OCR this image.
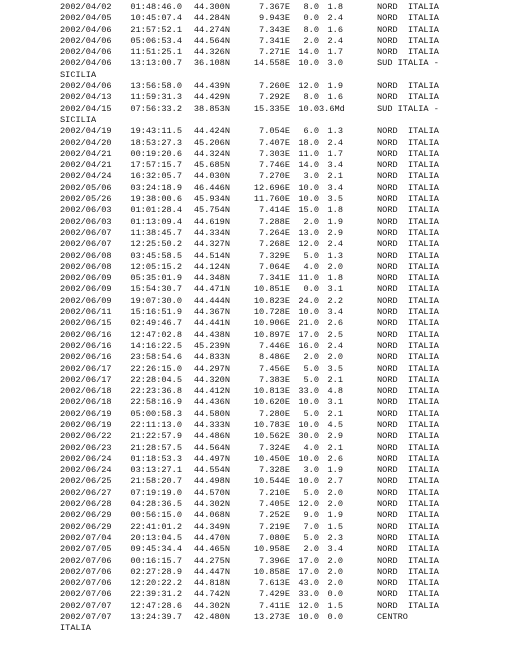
2002/04/02	01:48:46.0	44.300N	7.367E	8.0 1.8	NORD  ITALIA
2002/04/05	10:45:07.4	44.284N	9.943E	0.0 2.4	NORD  ITALIA
2002/04/06	21:57:52.1	44.274N	7.343E	8.0 1.6	NORD  ITALIA
2002/04/06	05:06:53.4	44.564N	7.341E	2.0 2.4	NORD  ITALIA
2002/04/06	11:51:25.1	44.326N	7.271E 14.0 1.7	NORD  ITALIA
2002/04/06	13:13:00.7	36.108N	14.558E 10.0 3.0	SUD ITALIA -
SICILIA
2002/04/06	13:56:58.0	44.439N	7.260E 12.0 1.9	NORD  ITALIA
2002/04/13	11:59:31.3	44.429N	7.292E	8.0 1.6	NORD  ITALIA
2002/04/15	07:56:33.2	38.853N	15.335E 10.0 3.6Md	SUD ITALIA -
SICILIA
2002/04/19	19:43:11.5	44.424N	7.054E	6.0 1.3	NORD  ITALIA
2002/04/20	18:53:27.3	45.206N	7.407E 18.0 2.4	NORD  ITALIA
2002/04/21	00:19:20.6	44.324N	7.303E 11.0 1.7	NORD  ITALIA
2002/04/21	17:57:15.7	45.685N	7.746E 14.0 3.4	NORD  ITALIA
2002/04/24	16:32:05.7	44.030N	7.270E	3.0 2.1	NORD  ITALIA
2002/05/06	03:24:18.9	46.446N	12.696E 10.0 3.4	NORD  ITALIA
2002/05/26	19:38:00.6	45.934N	11.760E 10.0 3.5	NORD  ITALIA
2002/06/03	01:01:28.4	45.754N	7.414E 15.0 1.8	NORD  ITALIA
2002/06/03	01:13:09.4	44.619N	7.288E	2.0 1.9	NORD  ITALIA
2002/06/07	11:38:45.7	44.334N	7.264E 13.0 2.9	NORD  ITALIA
2002/06/07	12:25:50.2	44.327N	7.268E 12.0 2.4	NORD  ITALIA
2002/06/08	03:45:58.5	44.514N	7.329E	5.0 1.3	NORD  ITALIA
2002/06/08	12:05:15.2	44.124N	7.064E	4.0 2.0	NORD  ITALIA
2002/06/09	05:35:01.9	44.348N	7.341E 11.0 1.8	NORD  ITALIA
2002/06/09	15:54:30.7	44.471N	10.851E	0.0 3.1	NORD  ITALIA
2002/06/09	19:07:30.0	44.444N	10.823E 24.0 2.2	NORD  ITALIA
2002/06/11	15:16:51.9	44.367N	10.728E 10.0 3.4	NORD  ITALIA
2002/06/15	02:49:46.7	44.441N	10.906E 21.0 2.6	NORD  ITALIA
2002/06/16	12:47:02.8	44.438N	10.897E 17.0 2.5	NORD  ITALIA
2002/06/16	14:16:22.5	45.239N	7.446E 16.0 2.4	NORD  ITALIA
2002/06/16	23:58:54.6	44.833N	8.486E	2.0 2.0	NORD  ITALIA
2002/06/17	22:26:15.0	44.297N	7.456E	5.0 3.5	NORD  ITALIA
2002/06/17	22:28:04.5	44.320N	7.383E	5.0 2.1	NORD  ITALIA
2002/06/18	22:23:36.8	44.412N	10.813E 33.0 4.8	NORD  ITALIA
2002/06/18	22:58:16.9	44.436N	10.620E 10.0 3.1	NORD  ITALIA
2002/06/19	05:00:58.3	44.580N	7.280E	5.0 2.1	NORD  ITALIA
2002/06/19	22:11:13.0	44.333N	10.783E 10.0 4.5	NORD  ITALIA
2002/06/22	21:22:57.9	44.486N	10.562E 30.0 2.9	NORD  ITALIA
2002/06/23	21:28:57.5	44.564N	7.324E	4.0 2.1	NORD  ITALIA
2002/06/24	01:18:53.3	44.497N	10.450E 10.0 2.6	NORD  ITALIA
2002/06/24	03:13:27.1	44.554N	7.328E	3.0 1.9	NORD  ITALIA
2002/06/25	21:58:20.7	44.498N	10.544E 10.0 2.7	NORD  ITALIA
2002/06/27	07:19:19.0	44.570N	7.210E	5.0 2.0	NORD  ITALIA
2002/06/28	04:28:36.5	44.302N	7.405E 12.0 2.0	NORD  ITALIA
2002/06/29	00:56:15.0	44.068N	7.252E	9.0 1.9	NORD  ITALIA
2002/06/29	22:41:01.2	44.349N	7.219E	7.0 1.5	NORD  ITALIA
2002/07/04	20:13:04.5	44.470N	7.080E	5.0 2.3	NORD  ITALIA
2002/07/05	09:45:34.4	44.465N	10.958E	2.0 3.4	NORD  ITALIA
2002/07/06	00:16:15.7	44.275N	7.396E 17.0 2.0	NORD  ITALIA
2002/07/06	02:27:28.9	44.447N	10.858E 17.0 2.0	NORD  ITALIA
2002/07/06	12:20:22.2	44.818N	7.613E 43.0 2.0	NORD  ITALIA
2002/07/06	22:39:31.2	44.742N	7.429E 33.0 0.0	NORD  ITALIA
2002/07/07	12:47:28.6	44.302N	7.411E 12.0 1.5	NORD  ITALIA
2002/07/07	13:24:39.7	42.480N	13.273E 10.0 0.0	CENTRO
ITALIA
